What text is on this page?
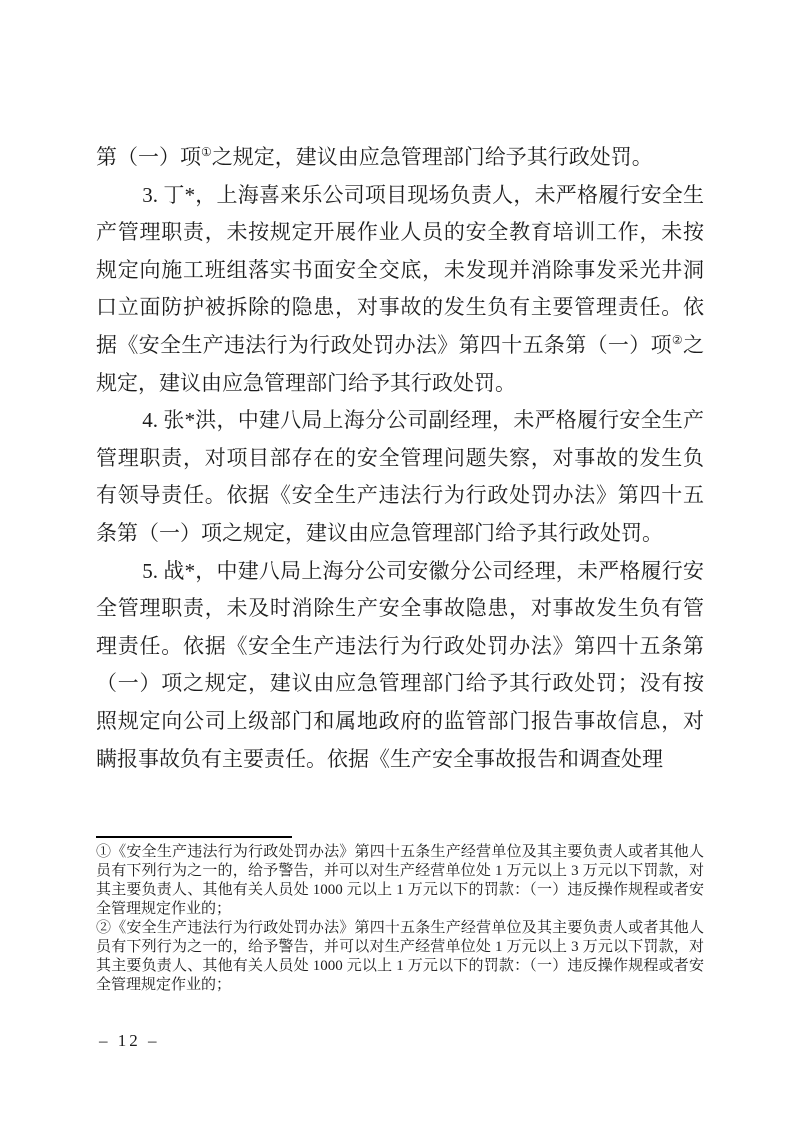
第（一）项①之规定，建议由应急管理部门给予其行政处罚。

3. 丁*，上海喜来乐公司项目现场负责人，未严格履行安全生产管理职责，未按规定开展作业人员的安全教育培训工作，未按规定向施工班组落实书面安全交底，未发现并消除事发采光井洞口立面防护被拆除的隐患，对事故的发生负有主要管理责任。依据《安全生产违法行为行政处罚办法》第四十五条第（一）项②之规定，建议由应急管理部门给予其行政处罚。

4. 张*洪，中建八局上海分公司副经理，未严格履行安全生产管理职责，对项目部存在的安全管理问题失察，对事故的发生负有领导责任。依据《安全生产违法行为行政处罚办法》第四十五条第（一）项之规定，建议由应急管理部门给予其行政处罚。

5. 战*，中建八局上海分公司安徽分公司经理，未严格履行安全管理职责，未及时消除生产安全事故隐患，对事故发生负有管理责任。依据《安全生产违法行为行政处罚办法》第四十五条第（一）项之规定，建议由应急管理部门给予其行政处罚；没有按照规定向公司上级部门和属地政府的监管部门报告事故信息，对瞒报事故负有主要责任。依据《生产安全事故报告和调查处理

①《安全生产违法行为行政处罚办法》第四十五条生产经营单位及其主要负责人或者其他人员有下列行为之一的，给予警告，并可以对生产经营单位处 1 万元以上 3 万元以下罚款，对其主要负责人、其他有关人员处 1000 元以上 1 万元以下的罚款：（一）违反操作规程或者安全管理规定作业的；

②《安全生产违法行为行政处罚办法》第四十五条生产经营单位及其主要负责人或者其他人员有下列行为之一的，给予警告，并可以对生产经营单位处 1 万元以上 3 万元以下罚款，对其主要负责人、其他有关人员处 1000 元以上 1 万元以下的罚款：（一）违反操作规程或者安全管理规定作业的；

– 12 –
